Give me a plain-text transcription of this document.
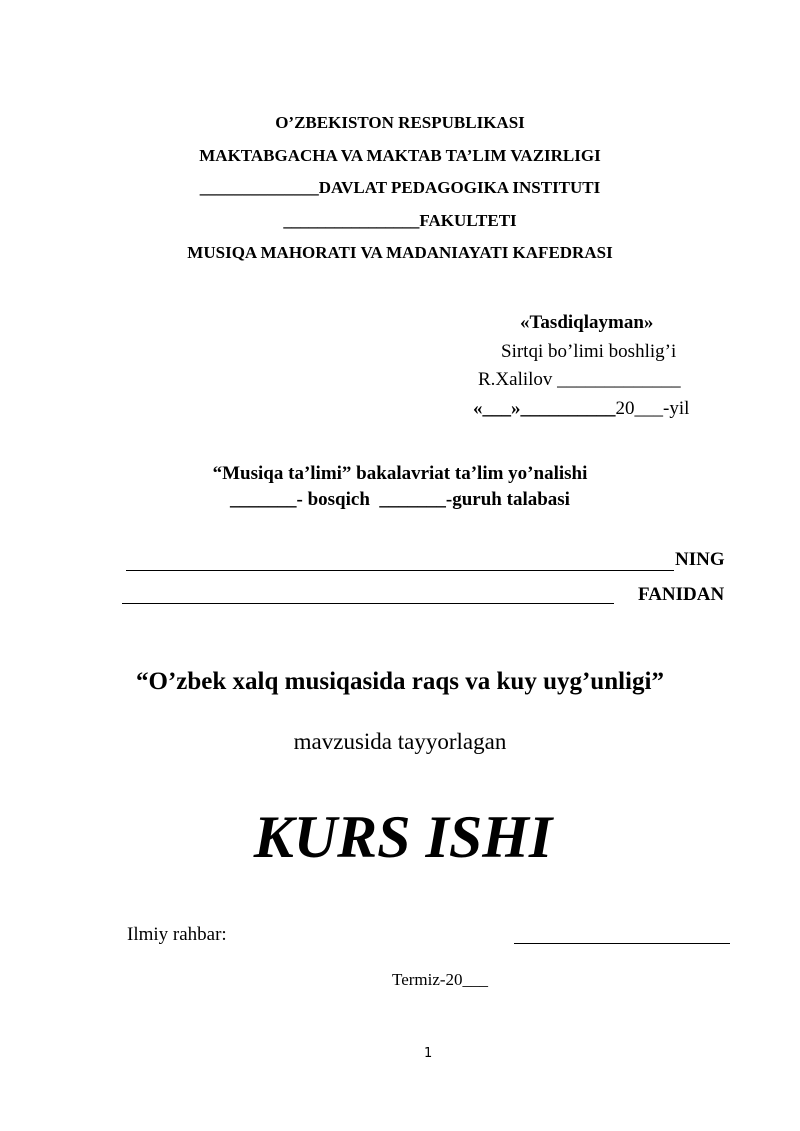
O’ZBEKISTON RESPUBLIKASI
MAKTABGACHA VA MAKTAB TA’LIM VAZIRLIGI
______________DAVLAT PEDAGOGIKA INSTITUTI
________________FAKULTETI
MUSIQA MAHORATI VA MADANIAYATI KAFEDRASI
«Tasdiqlayman»
Sirtqi bo’limi boshlig’i
R.Xalilov _____________
«___»__________20___-yil
“Musiqa ta’limi” bakalavriat ta’lim yo’nalishi
_______- bosqich  _______-guruh talabasi
NING
FANIDAN
“O’zbek xalq musiqasida raqs va kuy uyg’unligi”
mavzusida tayyorlagan
KURS ISHI
Ilmiy rahbar:
Termiz-20___
1
